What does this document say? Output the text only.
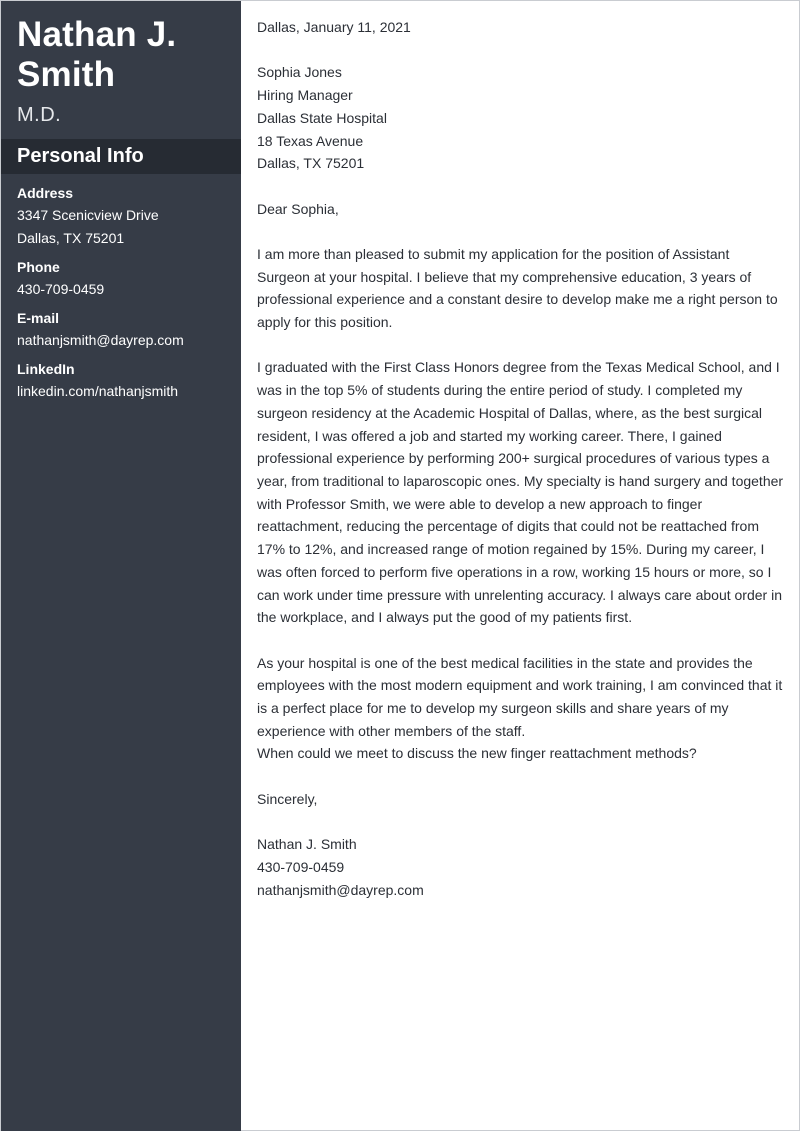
Nathan J.
Smith
M.D.
Personal Info
Address
3347 Scenicview Drive
Dallas, TX 75201
Phone
430-709-0459
E-mail
nathanjsmith@dayrep.com
LinkedIn
linkedin.com/nathanjsmith

Dallas, January 11, 2021

Sophia Jones

Hiring Manager

Dallas State Hospital

18 Texas Avenue

Dallas, TX 75201

Dear Sophia,

I am more than pleased to submit my application for the position of Assistant Surgeon at your hospital. I believe that my comprehensive education, 3 years of professional experience and a constant desire to develop make me a right person to apply for this position.

I graduated with the First Class Honors degree from the Texas Medical School, and I was in the top 5% of students during the entire period of study. I completed my surgeon residency at the Academic Hospital of Dallas, where, as the best surgical resident, I was offered a job and started my working career. There, I gained professional experience by performing 200+ surgical procedures of various types a year, from traditional to laparoscopic ones. My specialty is hand surgery and together with Professor Smith, we were able to develop a new approach to finger reattachment, reducing the percentage of digits that could not be reattached from 17% to 12%, and increased range of motion regained by 15%. During my career, I was often forced to perform five operations in a row, working 15 hours or more, so I can work under time pressure with unrelenting accuracy. I always care about order in the workplace, and I always put the good of my patients first.

As your hospital is one of the best medical facilities in the state and provides the employees with the most modern equipment and work training, I am convinced that it is a perfect place for me to develop my surgeon skills and share years of my experience with other members of the staff.

When could we meet to discuss the new finger reattachment methods?

Sincerely,

Nathan J. Smith

430-709-0459

nathanjsmith@dayrep.com
